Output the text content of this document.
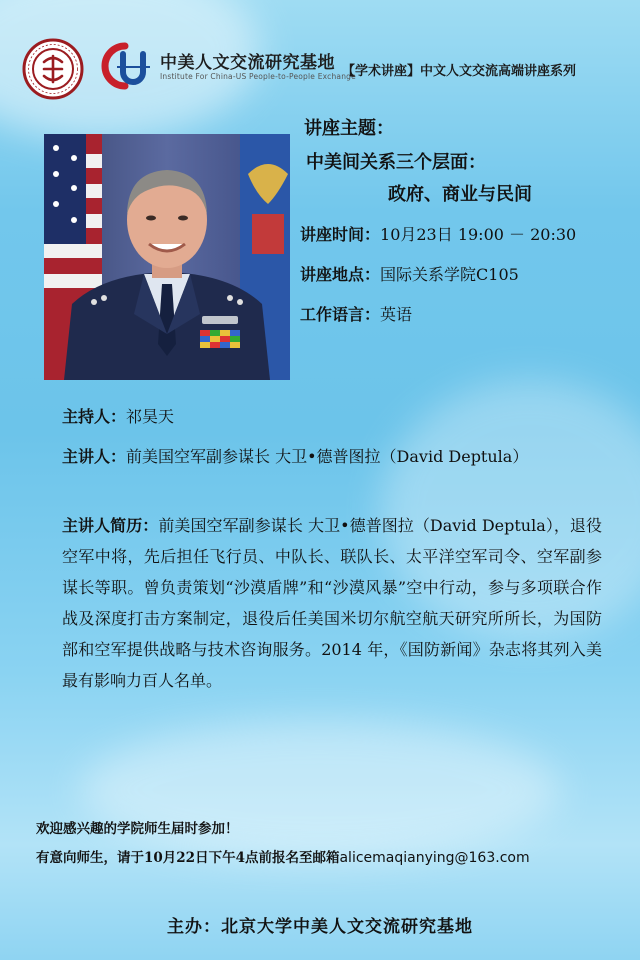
中美人文交流研究基地
Institute For China-US People-to-People Exchange
【学术讲座】中文人文交流高端讲座系列
讲座主题：
中美间关系三个层面：
政府、商业与民间
讲座时间：10月23日 19:00 － 20:30
讲座地点：国际关系学院C105
工作语言：英语
主持人：祁昊天
主讲人：前美国空军副参谋长 大卫•德普图拉（David Deptula）
主讲人简历：前美国空军副参谋长 大卫•德普图拉（David Deptula），退役空军中将，先后担任飞行员、中队长、联队长、太平洋空军司令、空军副参谋长等职。曾负责策划“沙漠盾牌”和“沙漠风暴”空中行动，参与多项联合作战及深度打击方案制定，退役后任美国米切尔航空航天研究所所长，为国防部和空军提供战略与技术咨询服务。2014 年，《国防新闻》杂志将其列入美最有影响力百人名单。
欢迎感兴趣的学院师生届时参加！
有意向师生，请于10月22日下午4点前报名至邮箱alicemaqianying@163.com
主办：北京大学中美人文交流研究基地
